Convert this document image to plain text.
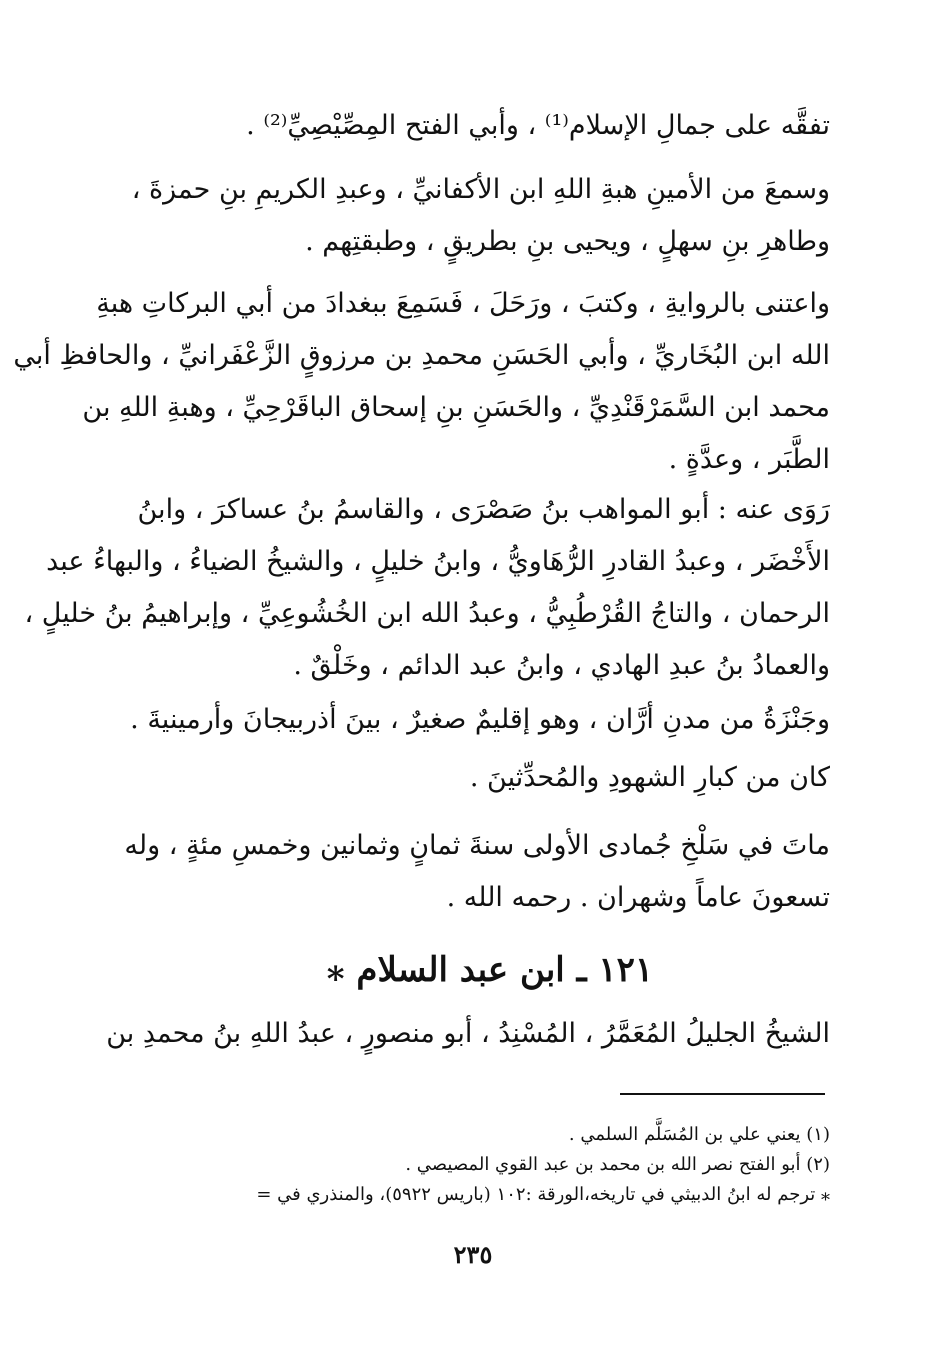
تفقَّه على جمالِ الإسلام⁽¹⁾ ، وأبي الفتح المِصِّيْصِيِّ⁽²⁾ .
وسمعَ من الأمينِ هبةِ اللهِ ابن الأكفانيِّ ، وعبدِ الكريمِ بنِ حمزةَ ،
وطاهرِ بنِ سهلٍ ، ويحيى بنِ بطريقٍ ، وطبقتِهم .
واعتنى بالروايةِ ، وكتبَ ، ورَحَلَ ، فَسَمِعَ ببغدادَ من أبي البركاتِ هبةِ
الله ابن البُخَاريِّ ، وأبي الحَسَنِ محمدِ بن مرزوقٍ الزَّعْفَرانيِّ ، والحافظِ أبي
محمد ابن السَّمَرْقَنْدِيِّ ، والحَسَنِ بنِ إسحاق الباقَرْحِيِّ ، وهبةِ اللهِ بن
الطَّبَر ، وعدَّةٍ .
رَوَى عنه : أبو المواهب بنُ صَصْرَى ، والقاسمُ بنُ عساكرَ ، وابنُ
الأَخْضَر ، وعبدُ القادرِ الرُّهَاويُّ ، وابنُ خليلٍ ، والشيخُ الضياءُ ، والبهاءُ عبد
الرحمان ، والتاجُ القُرْطُبِيُّ ، وعبدُ الله ابن الخُشُوعِيِّ ، وإبراهيمُ بنُ خليلٍ ،
والعمادُ بنُ عبدِ الهادي ، وابنُ عبد الدائم ، وخَلْقٌ .
وجَنْزَةُ من مدنِ أرَّان ، وهو إقليمٌ صغيرٌ ، بينَ أذربيجانَ وأرمينيةَ .
كان من كبارِ الشهودِ والمُحدِّثينَ .
ماتَ في سَلْخِ جُمادى الأولى سنةَ ثمانٍ وثمانين وخمسِ مئةٍ ، وله
تسعونَ عاماً وشهران . رحمه الله .
١٢١ ـ ابن عبد السلام ⁎
الشيخُ الجليلُ المُعَمَّرُ ، المُسْنِدُ ، أبو منصورٍ ، عبدُ اللهِ بنُ محمدِ بن
(١) يعني علي بن المُسَلَّم السلمي .
(٢) أبو الفتح نصر الله بن محمد بن عبد القوي المصيصي .
⁎ ترجم له ابنُ الدبيثي في تاريخه،الورقة :١٠٢ (باريس ٥٩٢٢)، والمنذري في =
٢٣٥
